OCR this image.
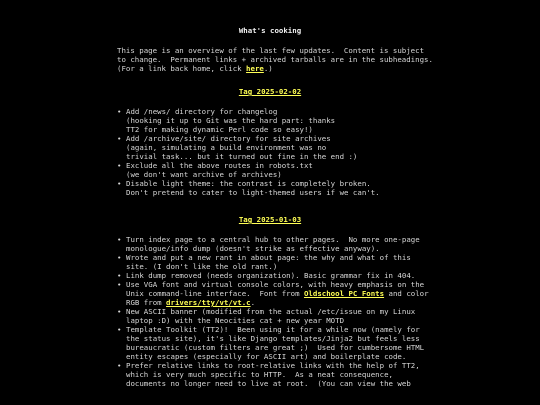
What's cooking
This page is an overview of the last few updates.  Content is subject
to change.  Permanent links + archived tarballs are in the subheadings.
(For a link back home, click here.)
Tag 2025-02-02
• Add /news/ directory for changelog
(hooking it up to Git was the hard part: thanks
TT2 for making dynamic Perl code so easy!)
• Add /archive/site/ directory for site archives
(again, simulating a build environment was no
trivial task... but it turned out fine in the end :)
• Exclude all the above routes in robots.txt
(we don't want archive of archives)
• Disable light theme: the contrast is completely broken.
Don't pretend to cater to light-themed users if we can't.
Tag 2025-01-03
• Turn index page to a central hub to other pages.  No more one-page
monologue/info dump (doesn't strike as effective anyway).
• Wrote and put a new rant in about page: the why and what of this
site. (I don't like the old rant.)
• Link dump removed (needs organization). Basic grammar fix in 404.
• Use VGA font and virtual console colors, with heavy emphasis on the
Unix command-line interface.  Font from Oldschool PC Fonts and color
RGB from drivers/tty/vt/vt.c.
• New ASCII banner (modified from the actual /etc/issue on my Linux
laptop :D) with the Neocities cat + new year MOTD
• Template Toolkit (TT2)!  Been using it for a while now (namely for
the status site), it's like Django templates/Jinja2 but feels less
bureaucratic (custom filters are great ;)  Used for cumbersome HTML
entity escapes (especially for ASCII art) and boilerplate code.
• Prefer relative links to root-relative links with the help of TT2,
which is very much specific to HTTP.  As a neat consequence,
documents no longer need to live at root.  (You can view the web
